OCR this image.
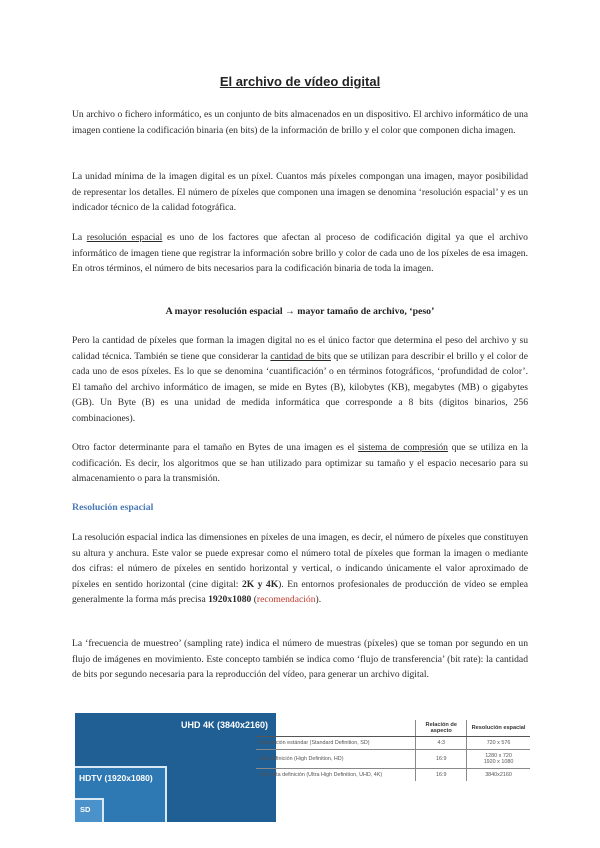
El archivo de vídeo digital
Un archivo o fichero informático, es un conjunto de bits almacenados en un dispositivo. El archivo informático de una imagen contiene la codificación binaria (en bits) de la información de brillo y el color que componen dicha imagen.
La unidad mínima de la imagen digital es un píxel. Cuantos más píxeles compongan una imagen, mayor posibilidad de representar los detalles. El número de píxeles que componen una imagen se denomina ‘resolución espacial’ y es un indicador técnico de la calidad fotográfica.
La resolución espacial es uno de los factores que afectan al proceso de codificación digital ya que el archivo informático de imagen tiene que registrar la información sobre brillo y color de cada uno de los píxeles de esa imagen. En otros términos, el número de bits necesarios para la codificación binaria de toda la imagen.
A mayor resolución espacial → mayor tamaño de archivo, ‘peso’
Pero la cantidad de píxeles que forman la imagen digital no es el único factor que determina el peso del archivo y su calidad técnica. También se tiene que considerar la cantidad de bits que se utilizan para describir el brillo y el color de cada uno de esos píxeles. Es lo que se denomina ‘cuantificación’ o en términos fotográficos, ‘profundidad de color’. El tamaño del archivo informático de imagen, se mide en Bytes (B), kilobytes (KB), megabytes (MB) o gigabytes (GB). Un Byte (B) es una unidad de medida informática que corresponde a 8 bits (dígitos binarios, 256 combinaciones).
Otro factor determinante para el tamaño en Bytes de una imagen es el sistema de compresión que se utiliza en la codificación. Es decir, los algoritmos que se han utilizado para optimizar su tamaño y el espacio necesario para su almacenamiento o para la transmisión.
Resolución espacial
La resolución espacial indica las dimensiones en píxeles de una imagen, es decir, el número de píxeles que constituyen su altura y anchura. Este valor se puede expresar como el número total de píxeles que forman la imagen o mediante dos cifras: el número de píxeles en sentido horizontal y vertical, o indicando únicamente el valor aproximado de píxeles en sentido horizontal (cine digital: 2K y 4K). En entornos profesionales de producción de vídeo se emplea generalmente la forma más precisa 1920x1080 (recomendación).
La ‘frecuencia de muestreo’ (sampling rate) indica el número de muestras (píxeles) que se toman por segundo en un flujo de imágenes en movimiento. Este concepto también se indica como ‘flujo de transferencia’ (bit rate): la cantidad de bits por segundo necesaria para la reproducción del vídeo, para generar un archivo digital.
UHD 4K (3840x2160)
HDTV (1920x1080)
SD
	Relación de aspecto	Resolución espacial
Resolución estándar (Standard Definition, SD)	4:3	720 x 576
Alta definición (High Definition, HD)	16:9	1280 x 720
1920 x 1080
Ultra alta definición (Ultra High Definition, UHD, 4K)	16:9	3840x2160
